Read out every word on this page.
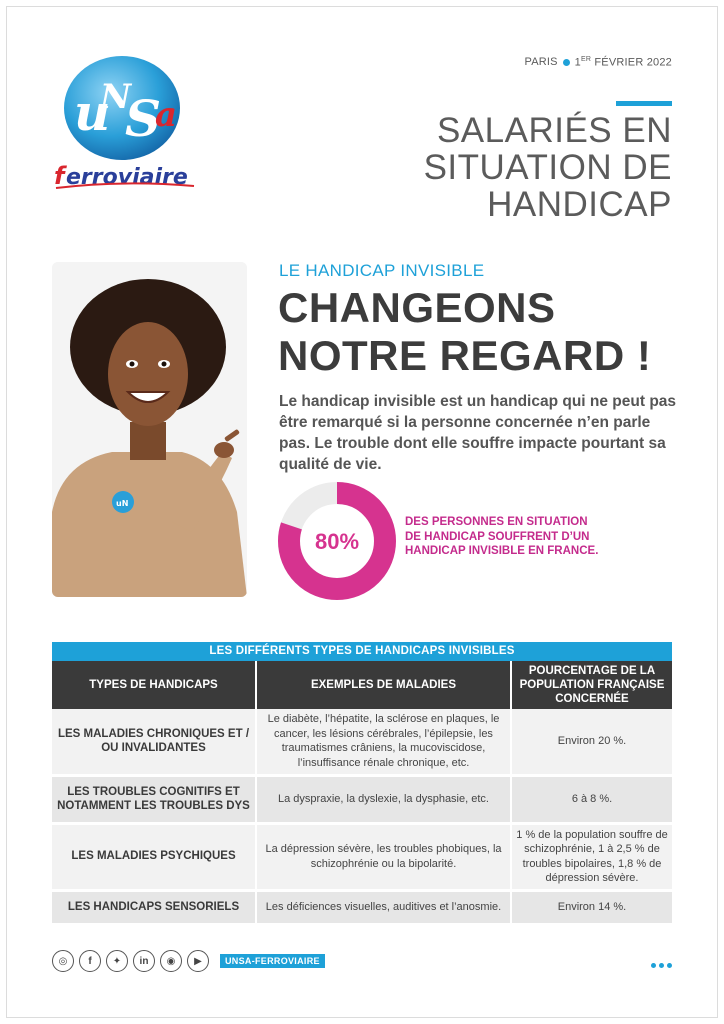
u
N
S
a
f erroviaire
PARIS 1ER FÉVRIER 2022
SALARIÉS EN
SITUATION DE
HANDICAP
uN
LE HANDICAP INVISIBLE
CHANGEONS
NOTRE REGARD !
Le handicap invisible est un handicap qui ne peut pas être remarqué si la personne concernée n’en parle pas. Le trouble dont elle souffre impacte pourtant sa qualité de vie.
80%
DES PERSONNES EN SITUATION DE HANDICAP SOUFFRENT D’UN HANDICAP INVISIBLE EN FRANCE.
LES DIFFÉRENTS TYPES DE HANDICAPS INVISIBLES
TYPES DE HANDICAPS	EXEMPLES DE MALADIES	POURCENTAGE DE LA POPULATION FRANÇAISE CONCERNÉE
LES MALADIES CHRONIQUES ET / OU INVALIDANTES	Le diabète, l’hépatite, la sclérose en plaques, le cancer, les lésions cérébrales, l’épilepsie, les traumatismes crâniens, la mucoviscidose, l’insuffisance rénale chronique, etc.	Environ 20 %.
LES TROUBLES COGNITIFS ET NOTAMMENT LES TROUBLES DYS	La dyspraxie, la dyslexie, la dysphasie, etc.	6 à 8 %.
LES MALADIES PSYCHIQUES	La dépression sévère, les troubles phobiques, la schizophrénie ou la bipolarité.	1 % de la population souffre de schizophrénie, 1 à 2,5 % de troubles bipolaires, 1,8 % de dépression sévère.
LES HANDICAPS SENSORIELS	Les déficiences visuelles, auditives et l’anosmie.	Environ 14 %.
◎	f	✦	in	◉	▶	UNSA-FERROVIAIRE
